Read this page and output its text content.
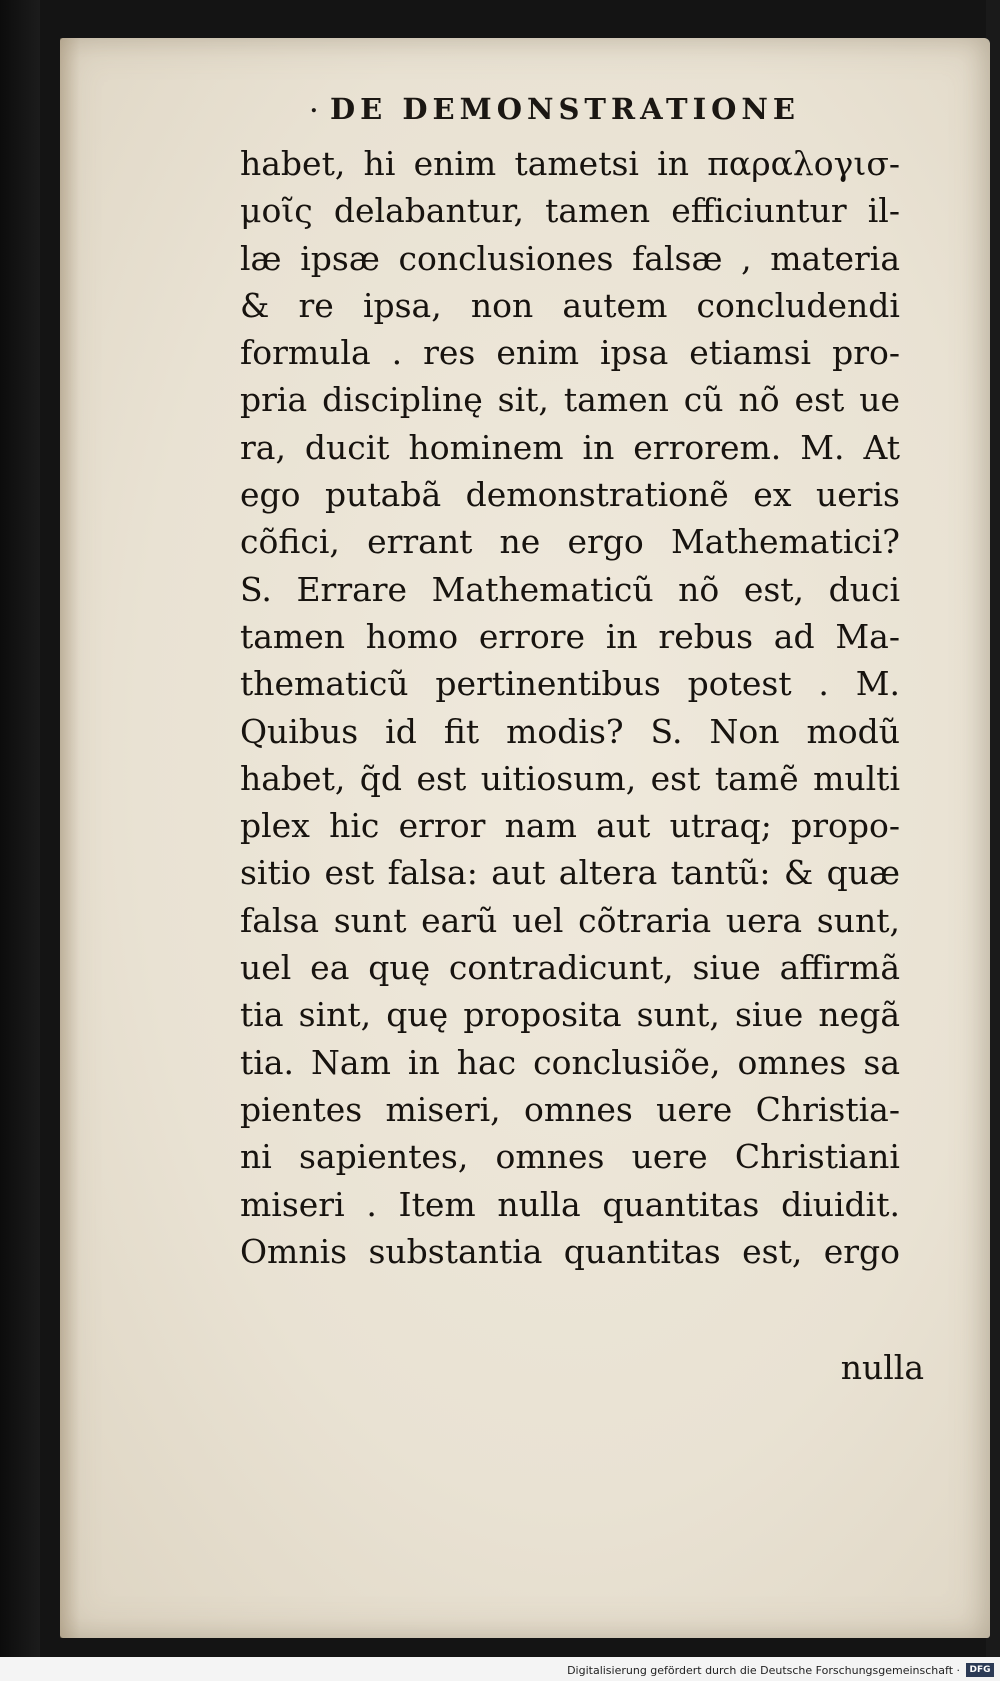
. DE DEMONSTRATIONE
habet, hi enim tametsi in παραλογισ-
μοῖς delabantur, tamen efficiuntur il-
læ ipsæ conclusiones falsæ , materia
& re ipsa, non autem concludendi
formula . res enim ipsa etiamsi pro-
pria disciplinę sit, tamen cũ nõ est ue
ra, ducit hominem in errorem. M. At
ego putabã demonstrationẽ ex ueris
cõfici, errant ne ergo Mathematici?
S. Errare Mathematicũ nõ est, duci
tamen homo errore in rebus ad Ma-
thematicũ pertinentibus potest . M.
Quibus id fit modis? S. Non modũ
habet, q̃d est uitiosum, est tamẽ multi
plex hic error nam aut utraq; propo-
sitio est falsa: aut altera tantũ: & quæ
falsa sunt earũ uel cõtraria uera sunt,
uel ea quę contradicunt, siue affirmã
tia sint, quę proposita sunt, siue negã
tia. Nam in hac conclusiõe, omnes sa
pientes miseri, omnes uere Christia-
ni sapientes, omnes uere Christiani
miseri . Item nulla quantitas diuidit.
Omnis substantia quantitas est, ergo
nulla
Digitalisierung gefördert durch die Deutsche Forschungsgemeinschaft ·	DFG
